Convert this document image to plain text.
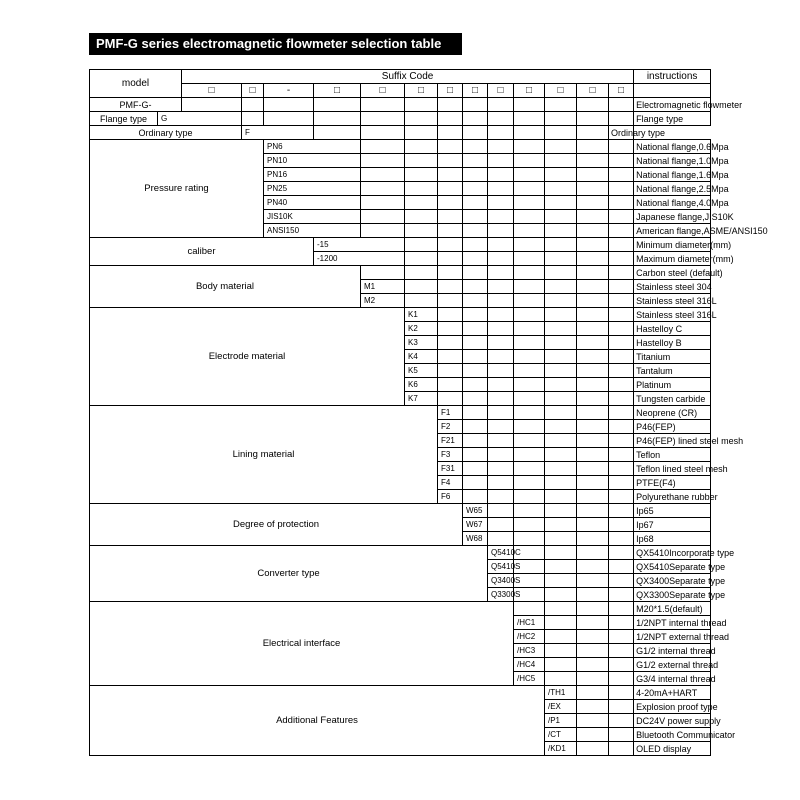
PMF-G series electromagnetic flowmeter selection table
model		Suffix Code													instructions
		□	□	-	□	□	□	□	□	□	□	□	□	□	
PMF-G-															Electromagnetic flowmeter
Flange type	G														Flange type
Ordinary type			F											Ordinary type	
Pressure rating				PN6											National flange,0.6Mpa
				PN10											National flange,1.0Mpa
				PN16											National flange,1.6Mpa
				PN25											National flange,2.5Mpa
				PN40											National flange,4.0Mpa
				JIS10K											Japanese flange,JIS10K
				ANSI150											American flange,ASME/ANSI150
caliber					-15										Minimum diameter(mm)
					-1200										Maximum diameter(mm)
Body material															Carbon steel (default)
						M1									Stainless steel 304
						M2									Stainless steel 316L
Electrode material							K1								Stainless steel 316L
							K2								Hastelloy C
							K3								Hastelloy B
							K4								Titanium
							K5								Tantalum
							K6								Platinum
							K7								Tungsten carbide
Lining material								F1							Neoprene (CR)
								F2							P46(FEP)
								F21							P46(FEP) lined steel mesh
								F3							Teflon
								F31							Teflon lined steel mesh
								F4							PTFE(F4)
								F6							Polyurethane rubber
Degree of protection									W65						Ip65
									W67						Ip67
									W68						Ip68
Converter type										Q5410C					QX5410Incorporate type
										Q5410S					QX5410Separate type
										Q3400S					QX3400Separate type
										Q3300S					QX3300Separate type
Electrical interface															M20*1.5(default)
											/HC1				1/2NPT internal thread
											/HC2				1/2NPT external thread
											/HC3				G1/2 internal thread
											/HC4				G1/2 external thread
											/HC5				G3/4 internal thread
Additional Features												/TH1			4-20mA+HART
												/EX			Explosion proof type
												/P1			DC24V power supply
												/CT			Bluetooth Communicator
												/KD1			OLED display
